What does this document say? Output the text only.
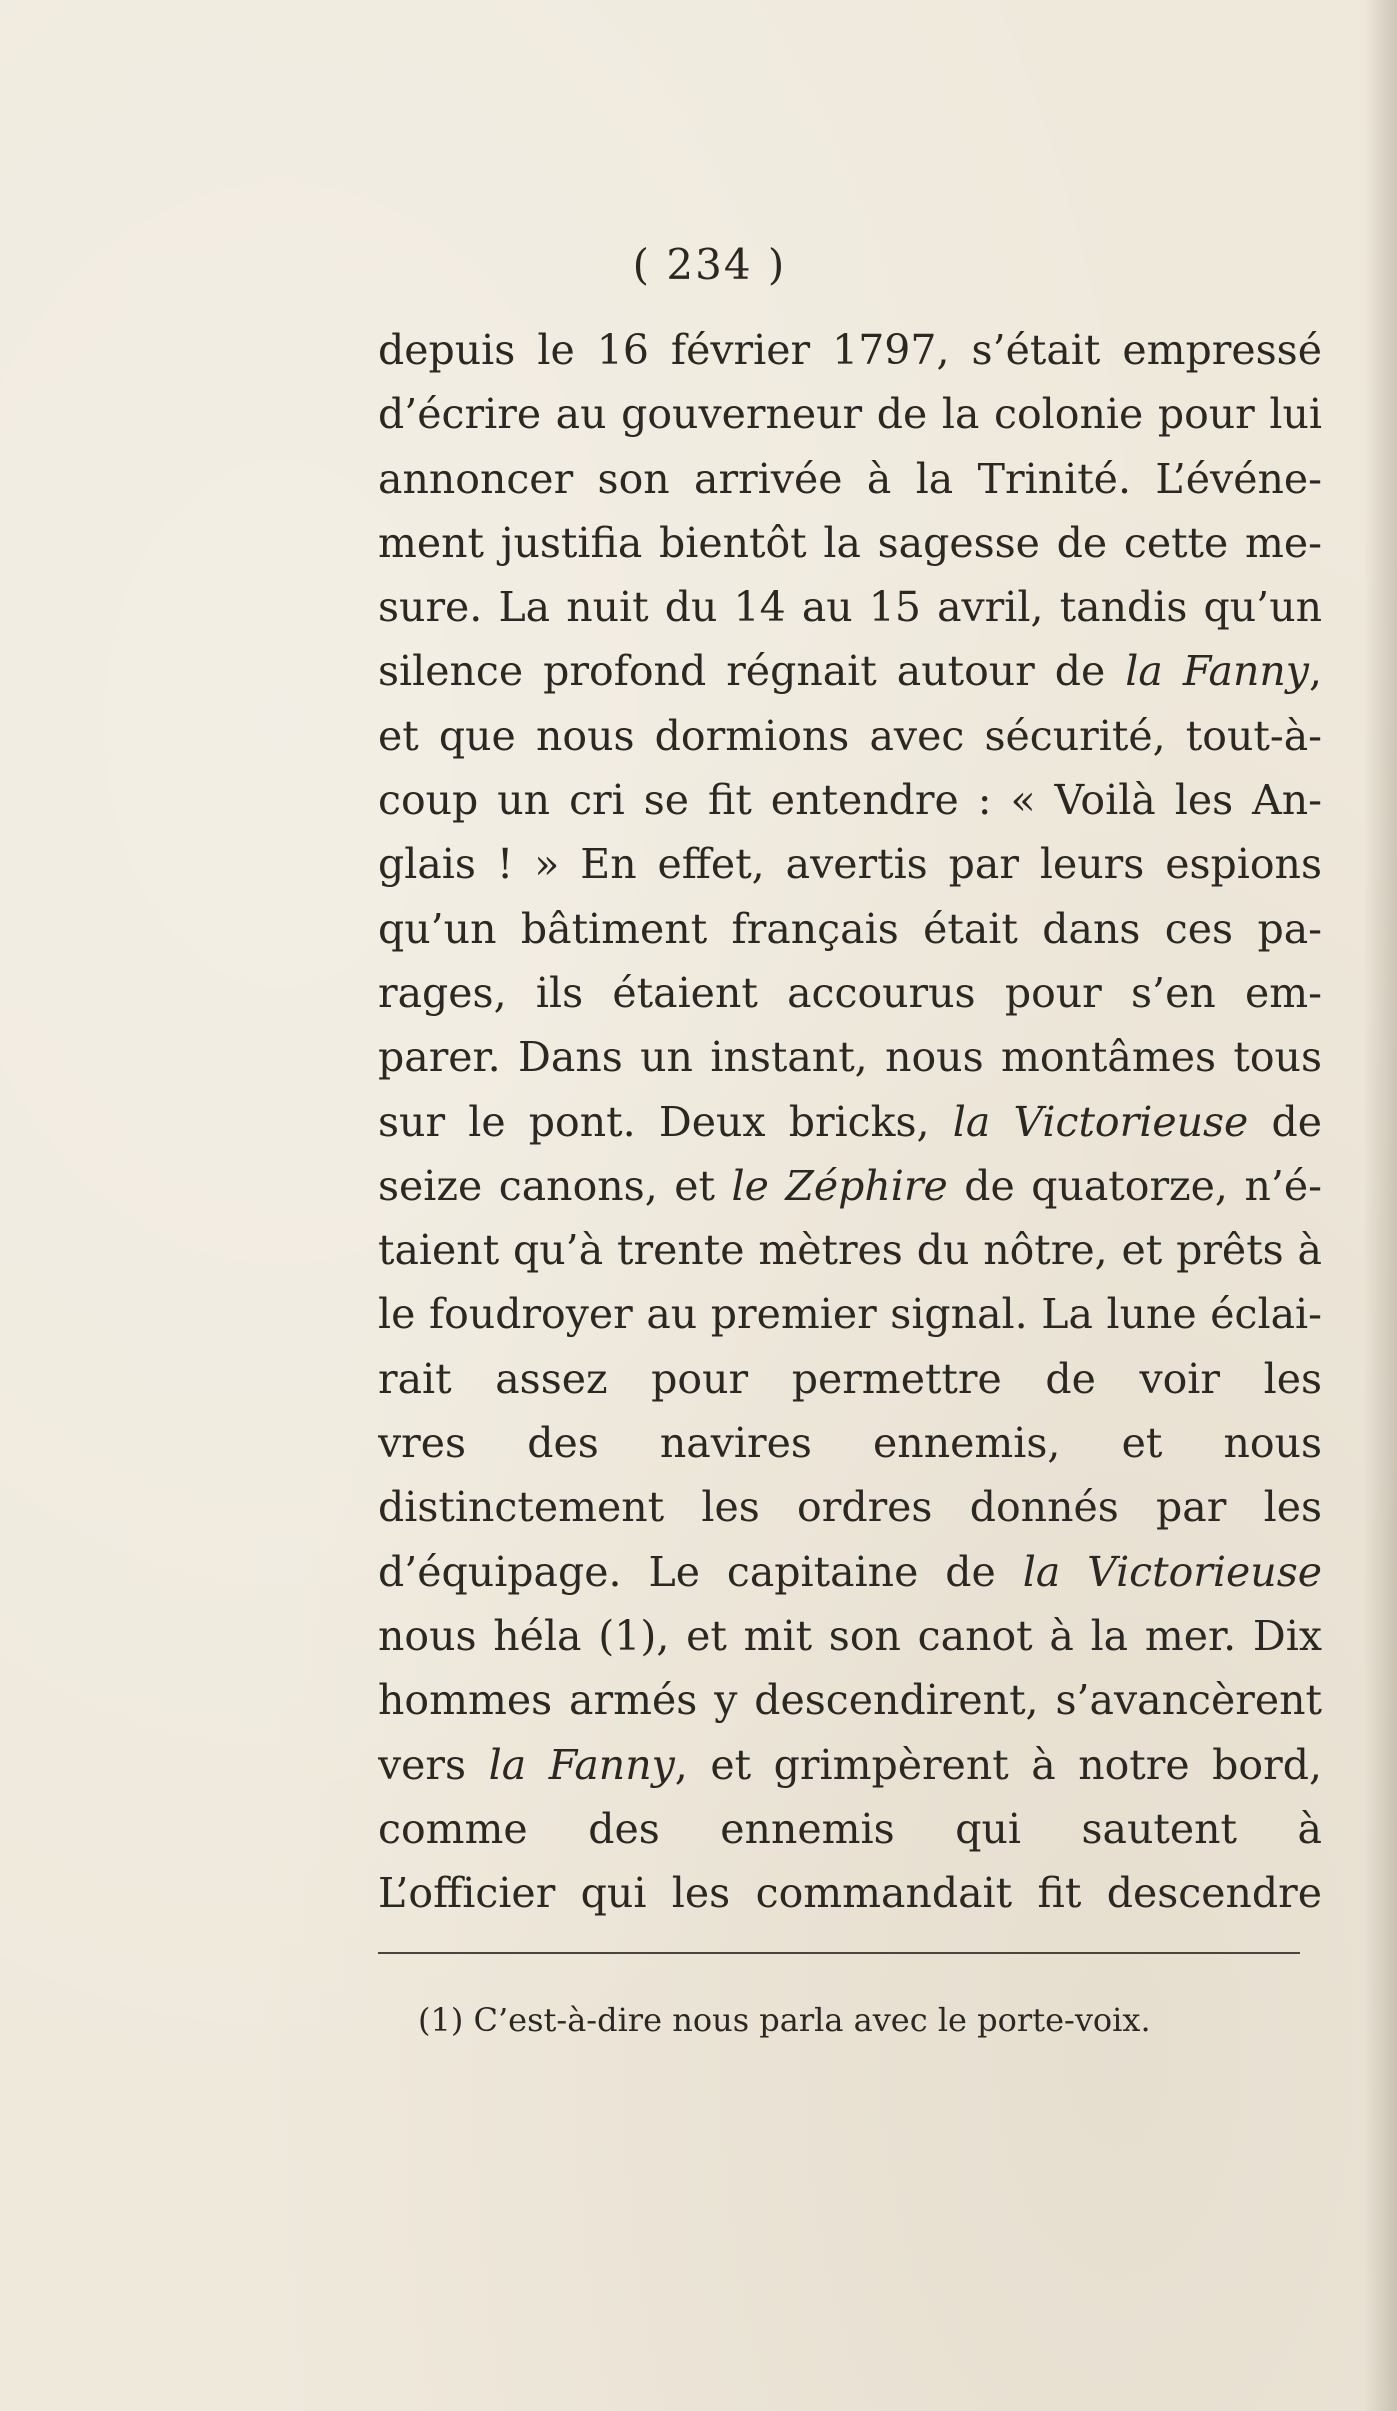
( 234 )
depuis le 16 février 1797, s’était empressé
d’écrire au gouverneur de la colonie pour lui
annoncer son arrivée à la Trinité. L’événe-
ment justifia bientôt la sagesse de cette me-
sure. La nuit du 14 au 15 avril, tandis qu’un
silence profond régnait autour de la Fanny,
et que nous dormions avec sécurité, tout-à-
coup un cri se fit entendre : « Voilà les An-
glais ! » En effet, avertis par leurs espions
qu’un bâtiment français était dans ces pa-
rages, ils étaient accourus pour s’en em-
parer. Dans un instant, nous montâmes tous
sur le pont. Deux bricks, la Victorieuse de
seize canons, et le Zéphire de quatorze, n’é-
taient qu’à trente mètres du nôtre, et prêts à
le foudroyer au premier signal. La lune éclai-
rait assez pour permettre de voir les
vres des navires ennemis, et nous
distinctement les ordres donnés par les
d’équipage. Le capitaine de la Victorieuse
nous héla (1), et mit son canot à la mer. Dix
hommes armés y descendirent, s’avancèrent
vers la Fanny, et grimpèrent à notre bord,
comme des ennemis qui sautent à
L’officier qui les commandait fit descendre
(1) C’est-à-dire nous parla avec le porte-voix.
